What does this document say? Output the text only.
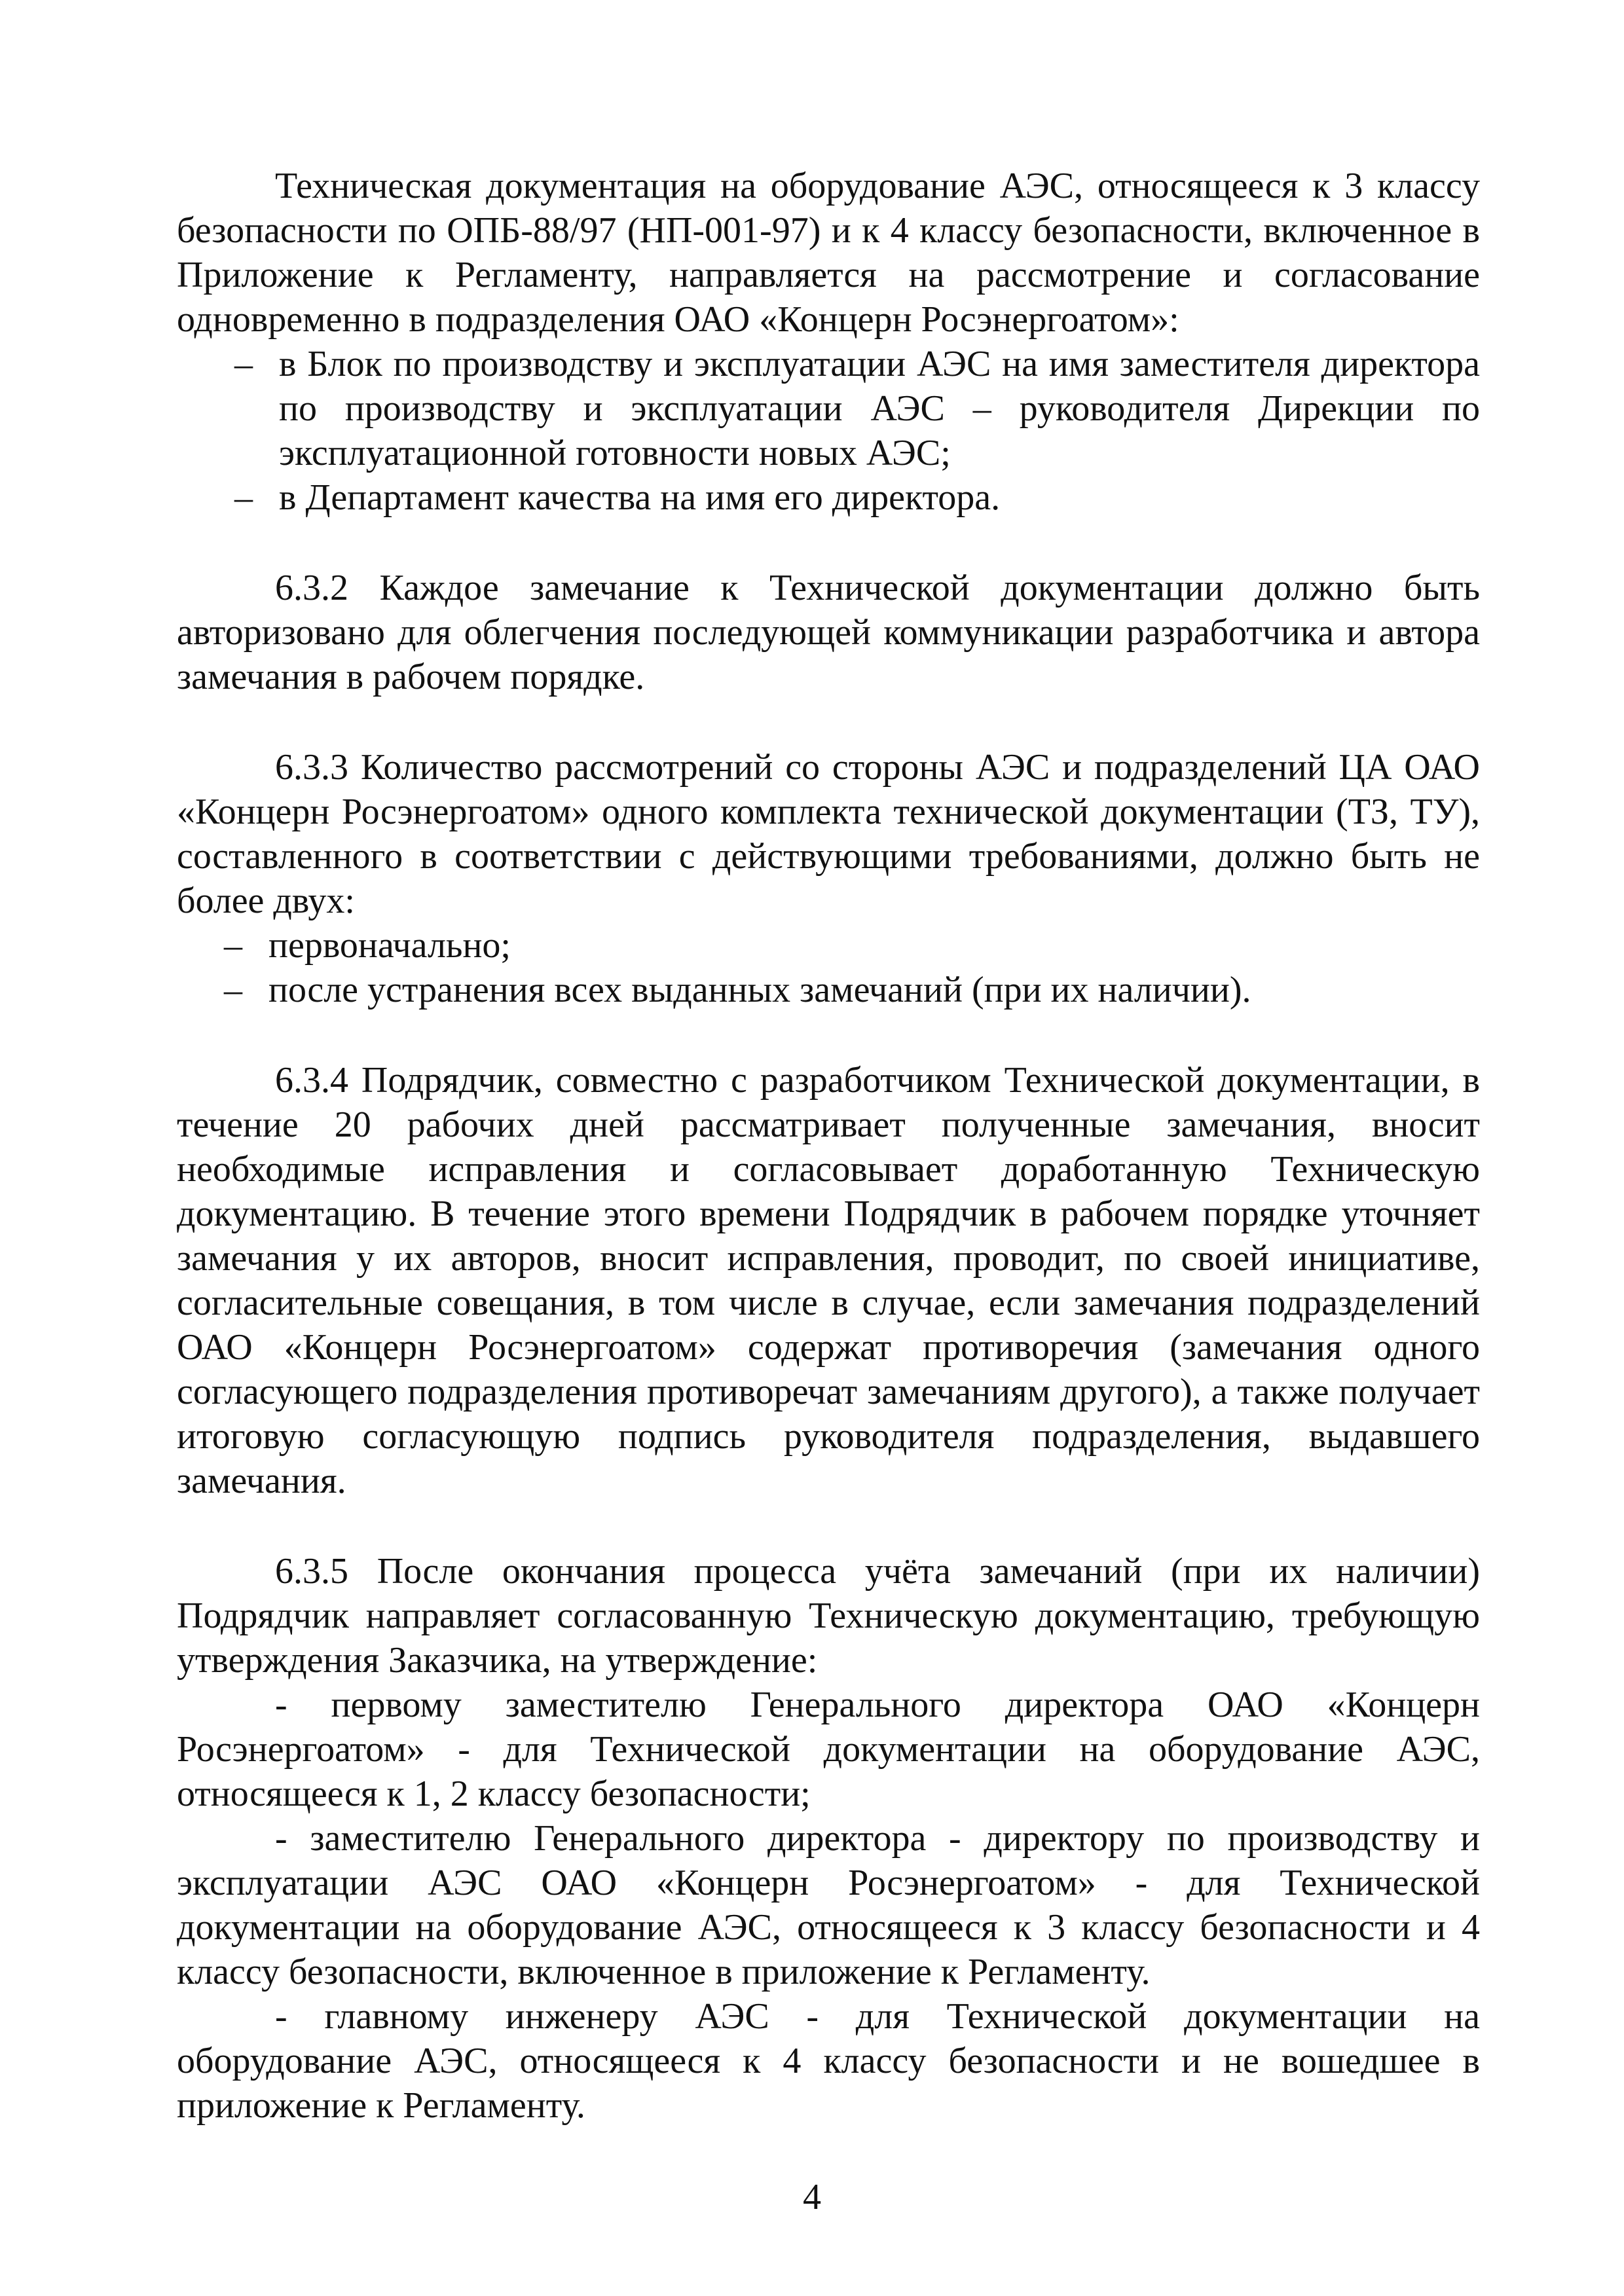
Техническая документация на оборудование АЭС, относящееся к 3 классу безопасности по ОПБ-88/97 (НП-001-97) и к 4 классу безопасности, включенное в Приложение к Регламенту, направляется на рассмотрение и согласование одновременно в подразделения ОАО «Концерн Росэнергоатом»:

– в Блок по производству и эксплуатации АЭС на имя заместителя директора по производству и эксплуатации АЭС – руководителя Дирекции по эксплуатационной готовности новых АЭС;
– в Департамент качества на имя его директора.

6.3.2 Каждое замечание к Технической документации должно быть авторизовано для облегчения последующей коммуникации разработчика и автора замечания в рабочем порядке.

6.3.3 Количество рассмотрений со стороны АЭС и подразделений ЦА ОАО «Концерн Росэнергоатом» одного комплекта технической документации (ТЗ, ТУ), составленного в соответствии с действующими требованиями, должно быть не более двух:

– первоначально;
– после устранения всех выданных замечаний (при их наличии).

6.3.4 Подрядчик, совместно с разработчиком Технической документации, в течение 20 рабочих дней рассматривает полученные замечания, вносит необходимые исправления и согласовывает доработанную Техническую документацию. В течение этого времени Подрядчик в рабочем порядке уточняет замечания у их авторов, вносит исправления, проводит, по своей инициативе, согласительные совещания, в том числе в случае, если замечания подразделений ОАО «Концерн Росэнергоатом» содержат противоречия (замечания одного согласующего подразделения противоречат замечаниям другого), а также получает итоговую согласующую подпись руководителя подразделения, выдавшего замечания.

6.3.5 После окончания процесса учёта замечаний (при их наличии) Подрядчик направляет согласованную Техническую документацию, требующую утверждения Заказчика, на утверждение:

- первому заместителю Генерального директора ОАО «Концерн Росэнергоатом» - для Технической документации на оборудование АЭС, относящееся к 1, 2 классу безопасности;

- заместителю Генерального директора - директору по производству и эксплуатации АЭС ОАО «Концерн Росэнергоатом» - для Технической документации на оборудование АЭС, относящееся к 3 классу безопасности и 4 классу безопасности, включенное в приложение к Регламенту.

- главному инженеру АЭС - для Технической документации на оборудование АЭС, относящееся к 4 классу безопасности и не вошедшее в приложение к Регламенту.

4
